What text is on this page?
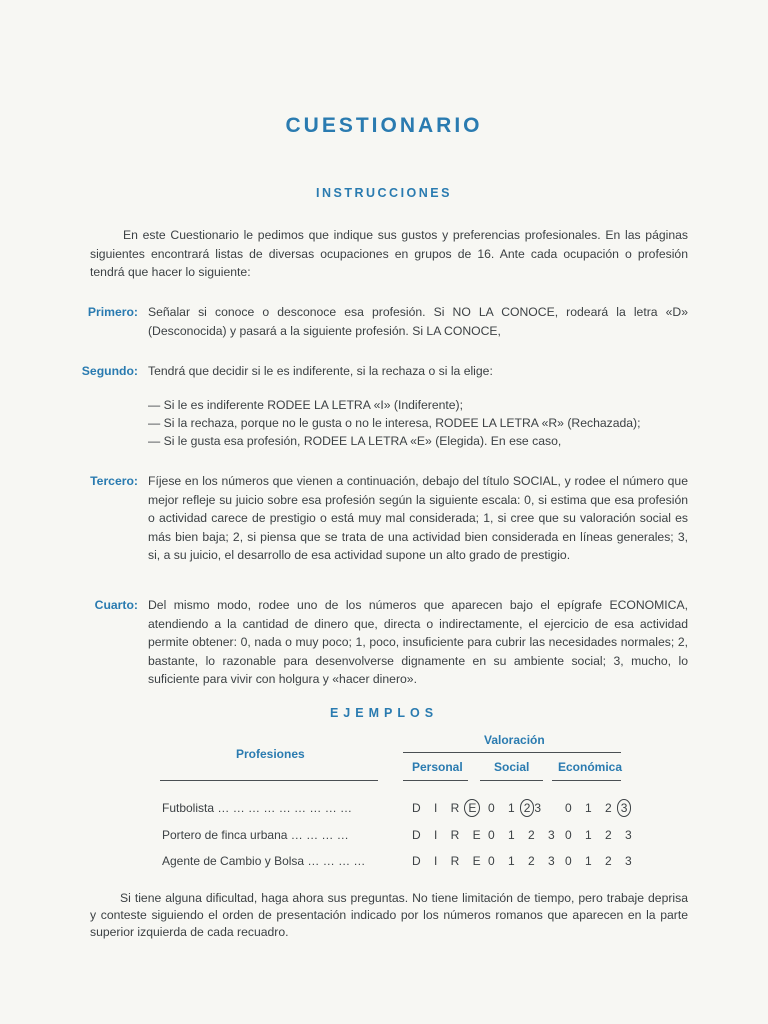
CUESTIONARIO
INSTRUCCIONES
En este Cuestionario le pedimos que indique sus gustos y preferencias profesionales. En las páginas siguientes encontrará listas de diversas ocupaciones en grupos de 16. Ante cada ocupación o profesión tendrá que hacer lo siguiente:
Primero: Señalar si conoce o desconoce esa profesión. Si NO LA CONOCE, rodeará la letra «D» (Desconocida) y pasará a la siguiente profesión. Si LA CONOCE,
Segundo: Tendrá que decidir si le es indiferente, si la rechaza o si la elige:
— Si le es indiferente RODEE LA LETRA «I» (Indiferente);
— Si la rechaza, porque no le gusta o no le interesa, RODEE LA LETRA «R» (Rechazada);
— Si le gusta esa profesión, RODEE LA LETRA «E» (Elegida). En ese caso,
Tercero: Fíjese en los números que vienen a continuación, debajo del título SOCIAL, y rodee el número que mejor refleje su juicio sobre esa profesión según la siguiente escala: 0, si estima que esa profesión o actividad carece de prestigio o está muy mal considerada; 1, si cree que su valoración social es más bien baja; 2, si piensa que se trata de una actividad bien considerada en líneas generales; 3, si, a su juicio, el desarrollo de esa actividad supone un alto grado de prestigio.
Cuarto: Del mismo modo, rodee uno de los números que aparecen bajo el epígrafe ECONOMICA, atendiendo a la cantidad de dinero que, directa o indirectamente, el ejercicio de esa actividad permite obtener: 0, nada o muy poco; 1, poco, insuficiente para cubrir las necesidades normales; 2, bastante, lo razonable para desenvolverse dignamente en su ambiente social; 3, mucho, lo suficiente para vivir con holgura y «hacer dinero».
EJEMPLOS
Profesiones
Valoración
Personal	Social Económica
Futbolista … … … … … … … … …	D I R E 0 1 2 3 0 1 2 3
Portero de finca urbana … … … …	D I R E 0 1 2 3 0 1 2 3
Agente de Cambio y Bolsa … … … …	D I R E 0 1 2 3 0 1 2 3
Si tiene alguna dificultad, haga ahora sus preguntas. No tiene limitación de tiempo, pero trabaje deprisa y conteste siguiendo el orden de presentación indicado por los números romanos que aparecen en la parte superior izquierda de cada recuadro.
